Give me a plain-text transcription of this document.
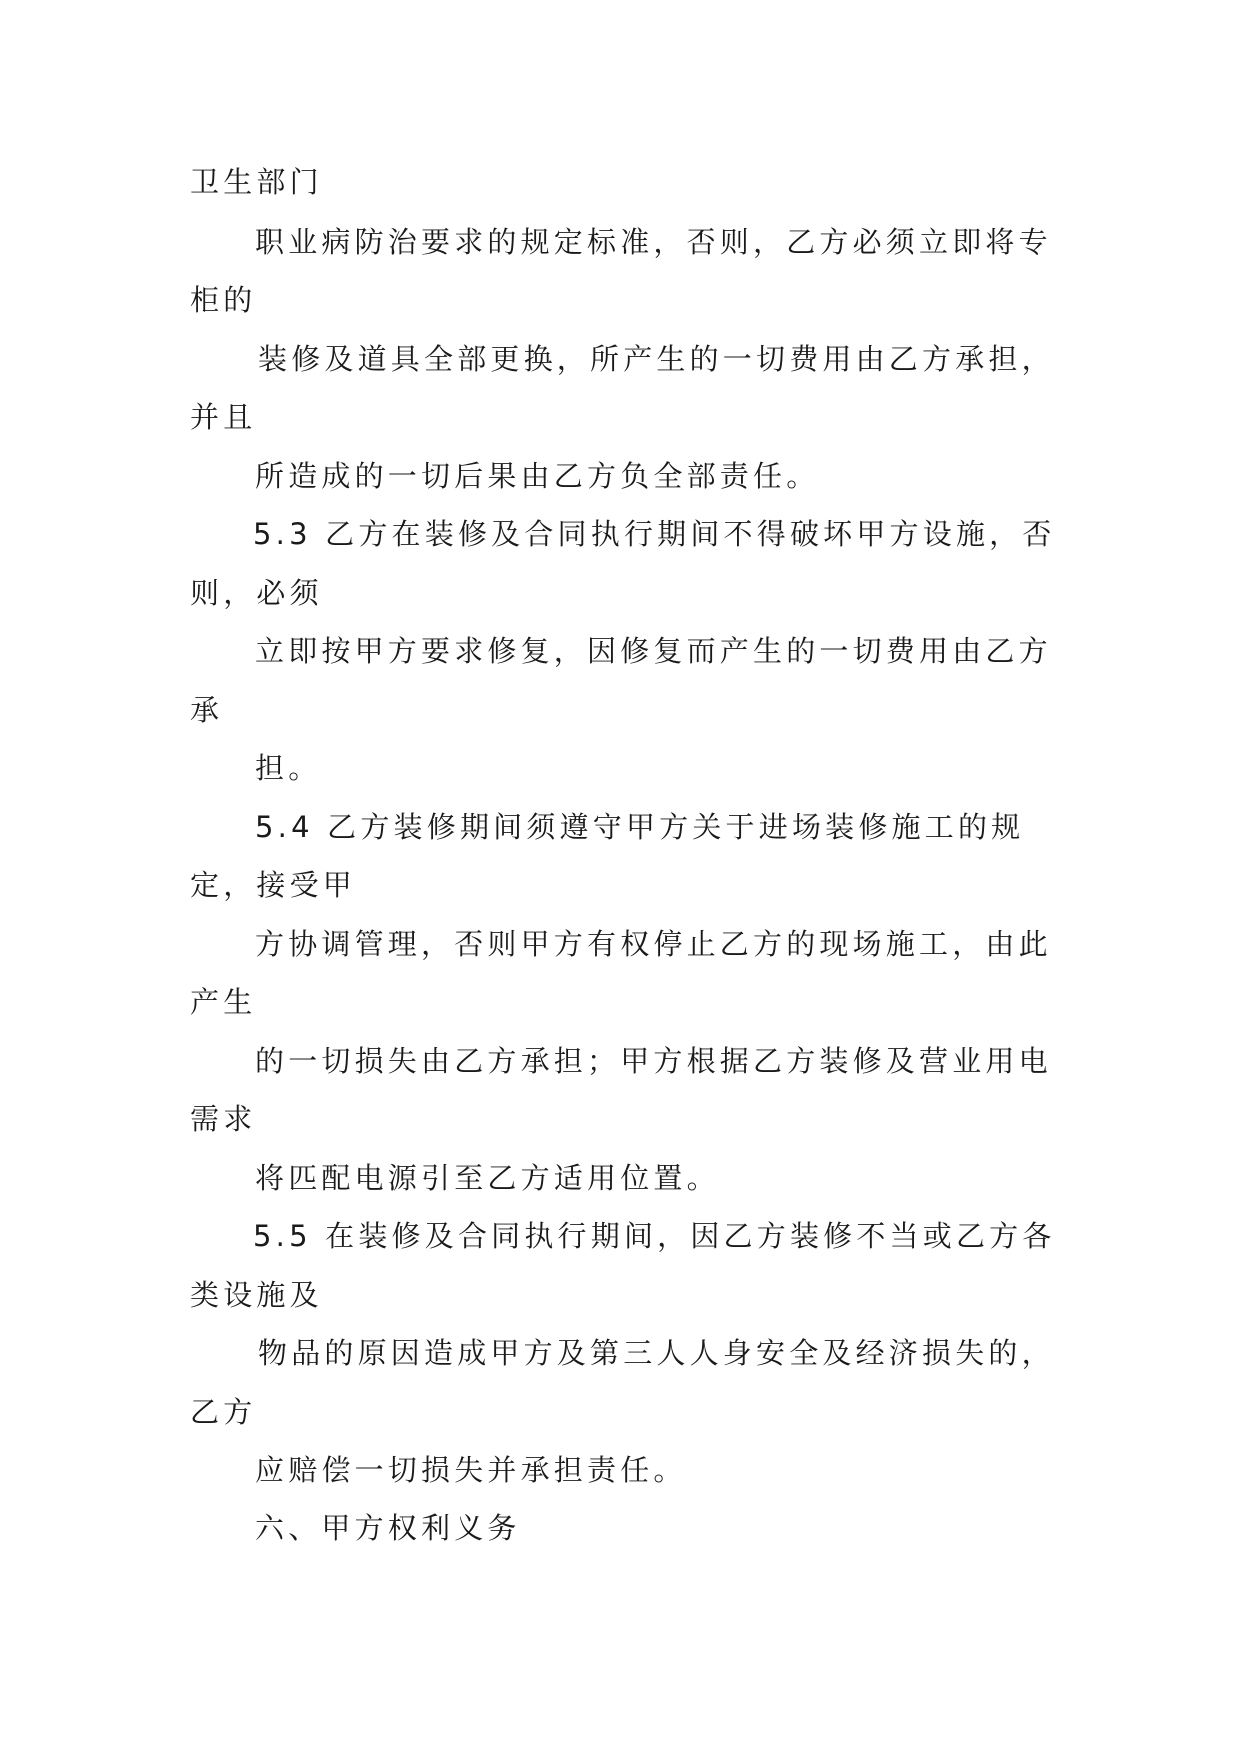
卫生部门
职业病防治要求的规定标准，否则，乙方必须立即将专
柜的
装修及道具全部更换，所产生的一切费用由乙方承担，
并且
所造成的一切后果由乙方负全部责任。
5.3 乙方在装修及合同执行期间不得破坏甲方设施，否
则，必须
立即按甲方要求修复，因修复而产生的一切费用由乙方
承
担。
5.4 乙方装修期间须遵守甲方关于进场装修施工的规
定，接受甲
方协调管理，否则甲方有权停止乙方的现场施工，由此
产生
的一切损失由乙方承担；甲方根据乙方装修及营业用电
需求
将匹配电源引至乙方适用位置。
5.5 在装修及合同执行期间，因乙方装修不当或乙方各
类设施及
物品的原因造成甲方及第三人人身安全及经济损失的，
乙方
应赔偿一切损失并承担责任。
六、甲方权利义务
